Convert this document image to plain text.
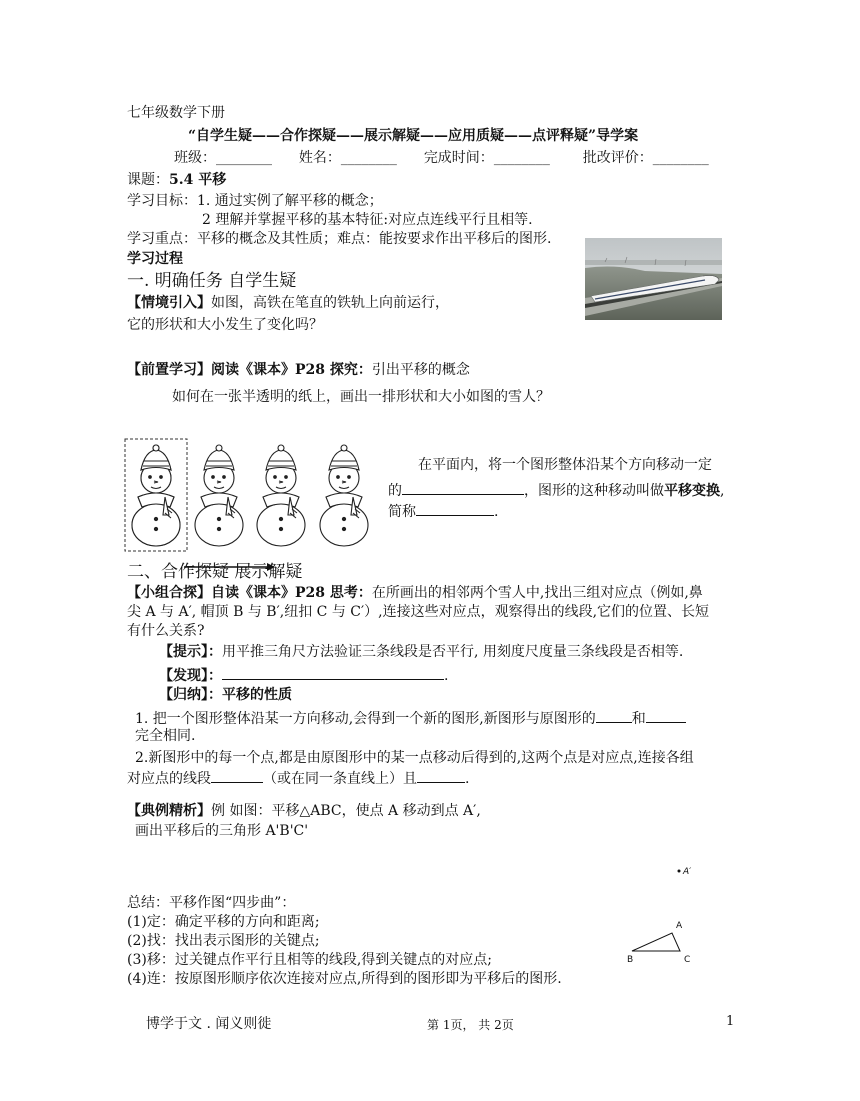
七年级数学下册
“自学生疑——合作探疑——展示解疑——应用质疑——点评释疑”导学案
班级：________ 姓名：________ 完成时间：________ 批改评价：________
课题：5.4 平移
学习目标：1. 通过实例了解平移的概念；
2 理解并掌握平移的基本特征:对应点连线平行且相等.
学习重点：平移的概念及其性质；难点：能按要求作出平移后的图形.
学习过程
一. 明确任务 自学生疑
【情境引入】如图，高铁在笔直的铁轨上向前运行，
它的形状和大小发生了变化吗？
【前置学习】阅读《课本》P28 探究：引出平移的概念
如何在一张半透明的纸上，画出一排形状和大小如图的雪人？
在平面内，将一个图形整体沿某个方向移动一定
的	，图形的这种移动叫做平移变换,
简称	.
二、合作探疑 展示解疑
【小组合探】自读《课本》P28 思考：在所画出的相邻两个雪人中,找出三组对应点（例如,鼻
尖 A 与 A′, 帽顶 B 与 B′,纽扣 C 与 C′）,连接这些对应点，观察得出的线段,它们的位置、长短
有什么关系?
【提示】：用平推三角尺方法验证三条线段是否平行, 用刻度尺度量三条线段是否相等.
【发现】：	.
【归纳】：平移的性质
1. 把一个图形整体沿某一方向移动,会得到一个新的图形,新图形与原图形的	和
完全相同.
2.新图形中的每一个点,都是由原图形中的某一点移动后得到的,这两个点是对应点,连接各组
对应点的线段	（或在同一条直线上）且	.
【典例精析】例 如图：平移△ABC，使点 A 移动到点 A′,
画出平移后的三角形 A'B'C'
A′
A
B	C
总结：平移作图“四步曲”：
(1)定：确定平移的方向和距离;
(2)找：找出表示图形的关键点;
(3)移：过关键点作平行且相等的线段,得到关键点的对应点;
(4)连：按原图形顺序依次连接对应点,所得到的图形即为平移后的图形.
博学于文 . 闻义则徙	第 1页， 共 2页	1
